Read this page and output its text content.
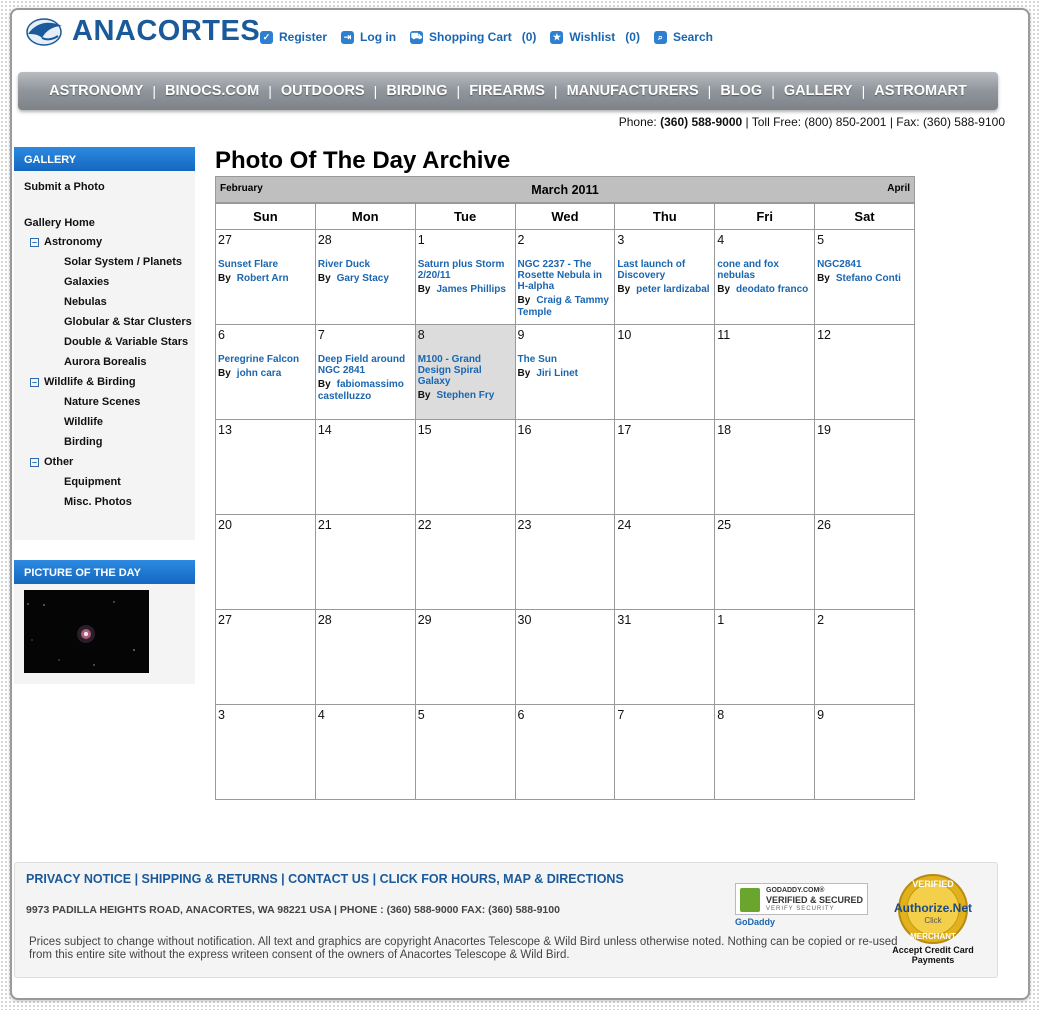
ANACORTES ✓ Register	⇥ Log in ⛟ Shopping Cart (0) ★ Wishlist (0)	⌕ Search
ASTRONOMY | BINOCS.COM | OUTDOORS | BIRDING | FIREARMS | MANUFACTURERS | BLOG | GALLERY | ASTROMART
Phone: (360) 588-9000 | Toll Free: (800) 850-2001 | Fax: (360) 588-9100
GALLERY
Submit a Photo
Gallery Home
– Astronomy
Solar System / Planets
Galaxies
Nebulas
Globular & Star Clusters
Double & Variable Stars
Aurora Borealis
– Wildlife & Birding
Nature Scenes
Wildlife
Birding
– Other
Equipment
Misc. Photos
PICTURE OF THE DAY
Photo Of The Day Archive
February	March 2011	April
Sun	Mon	Tue	Wed	Thu	Fri	Sat

27
Sunset Flare
By Robert Arn	28
River Duck
By Gary Stacy	1
Saturn plus Storm 2/20/11
By James Phillips	2
NGC 2237 - The Rosette Nebula in H-alpha
By Craig & Tammy Temple	3
Last launch of Discovery
By peter lardizabal	4
cone and fox nebulas
By deodato franco	5
NGC2841
By Stefano Conti

6
Peregrine Falcon
By john cara	7
Deep Field around NGC 2841
By fabiomassimo castelluzzo	8
M100 - Grand Design Spiral Galaxy
By Stephen Fry	9
The Sun
By Jiri Linet	10	11	12

13	14	15	16	17	18	19

20	21	22	23	24	25	26

27	28	29	30	31	1	2

3	4	5	6	7	8	9
PRIVACY NOTICE | SHIPPING & RETURNS | CONTACT US | CLICK FOR HOURS, MAP & DIRECTIONS
9973 PADILLA HEIGHTS ROAD, ANACORTES, WA 98221 USA | PHONE : (360) 588-9000 FAX: (360) 588-9100
Prices subject to change without notification. All text and graphics are copyright Anacortes Telescope & Wild Bird unless otherwise noted. Nothing can be copied or re-used from this entire site without the express writeen consent of the owners of Anacortes Telescope & Wild Bird.
GODADDY.COM®
VERIFIED & SECURED
VERIFY SECURITY
GoDaddy
VERIFIED
Authorize.Net
Click
MERCHANT
Accept Credit Card Payments
